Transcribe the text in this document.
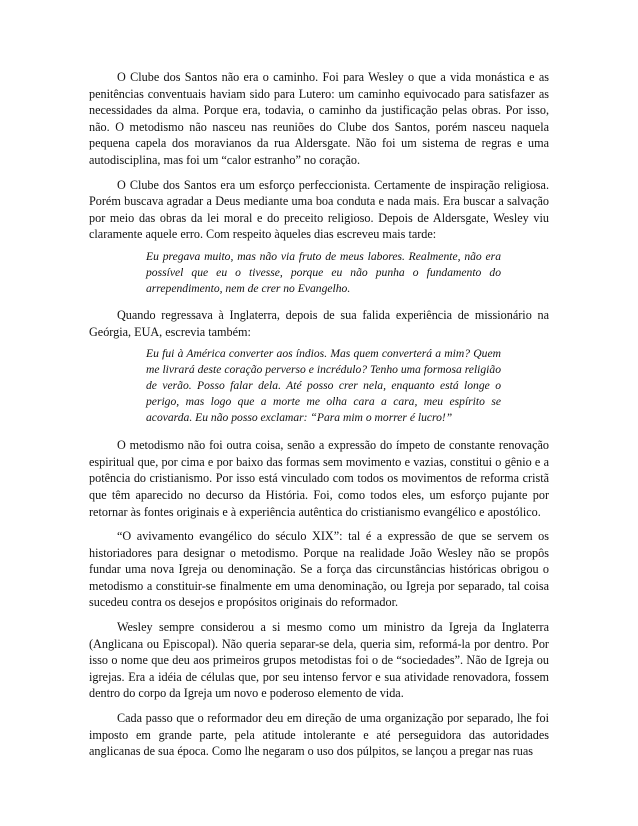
O Clube dos Santos não era o caminho. Foi para Wesley o que a vida monástica e as penitências conventuais haviam sido para Lutero: um caminho equivocado para satisfazer as necessidades da alma. Porque era, todavia, o caminho da justificação pelas obras. Por isso, não. O metodismo não nasceu nas reuniões do Clube dos Santos, porém nasceu naquela pequena capela dos moravianos da rua Aldersgate. Não foi um sistema de regras e uma autodisciplina, mas foi um “calor estranho” no coração.

O Clube dos Santos era um esforço perfeccionista. Certamente de inspiração religiosa. Porém buscava agradar a Deus mediante uma boa conduta e nada mais. Era buscar a salvação por meio das obras da lei moral e do preceito religioso. Depois de Aldersgate, Wesley viu claramente aquele erro. Com respeito àqueles dias escreveu mais tarde:

Eu pregava muito, mas não via fruto de meus labores. Realmente, não era possível que eu o tivesse, porque eu não punha o fundamento do arrependimento, nem de crer no Evangelho.

Quando regressava à Inglaterra, depois de sua falida experiência de missionário na Geórgia, EUA, escrevia também:

Eu fui à América converter aos índios. Mas quem converterá a mim? Quem me livrará deste coração perverso e incrédulo? Tenho uma formosa religião de verão. Posso falar dela. Até posso crer nela, enquanto está longe o perigo, mas logo que a morte me olha cara a cara, meu espírito se acovarda. Eu não posso exclamar: “Para mim o morrer é lucro!”

O metodismo não foi outra coisa, senão a expressão do ímpeto de constante renovação espiritual que, por cima e por baixo das formas sem movimento e vazias, constitui o gênio e a potência do cristianismo. Por isso está vinculado com todos os movimentos de reforma cristã que têm aparecido no decurso da História. Foi, como todos eles, um esforço pujante por retornar às fontes originais e à experiência autêntica do cristianismo evangélico e apostólico.

“O avivamento evangélico do século XIX”: tal é a expressão de que se servem os historiadores para designar o metodismo. Porque na realidade João Wesley não se propôs fundar uma nova Igreja ou denominação. Se a força das circunstâncias históricas obrigou o metodismo a constituir-se finalmente em uma denominação, ou Igreja por separado, tal coisa sucedeu contra os desejos e propósitos originais do reformador.

Wesley sempre considerou a si mesmo como um ministro da Igreja da Inglaterra (Anglicana ou Episcopal). Não queria separar-se dela, queria sim, reformá-la por dentro. Por isso o nome que deu aos primeiros grupos metodistas foi o de “sociedades”. Não de Igreja ou igrejas. Era a idéia de células que, por seu intenso fervor e sua atividade renovadora, fossem dentro do corpo da Igreja um novo e poderoso elemento de vida.

Cada passo que o reformador deu em direção de uma organização por separado, lhe foi imposto em grande parte, pela atitude intolerante e até perseguidora das autoridades anglicanas de sua época. Como lhe negaram o uso dos púlpitos, se lançou a pregar nas ruas
